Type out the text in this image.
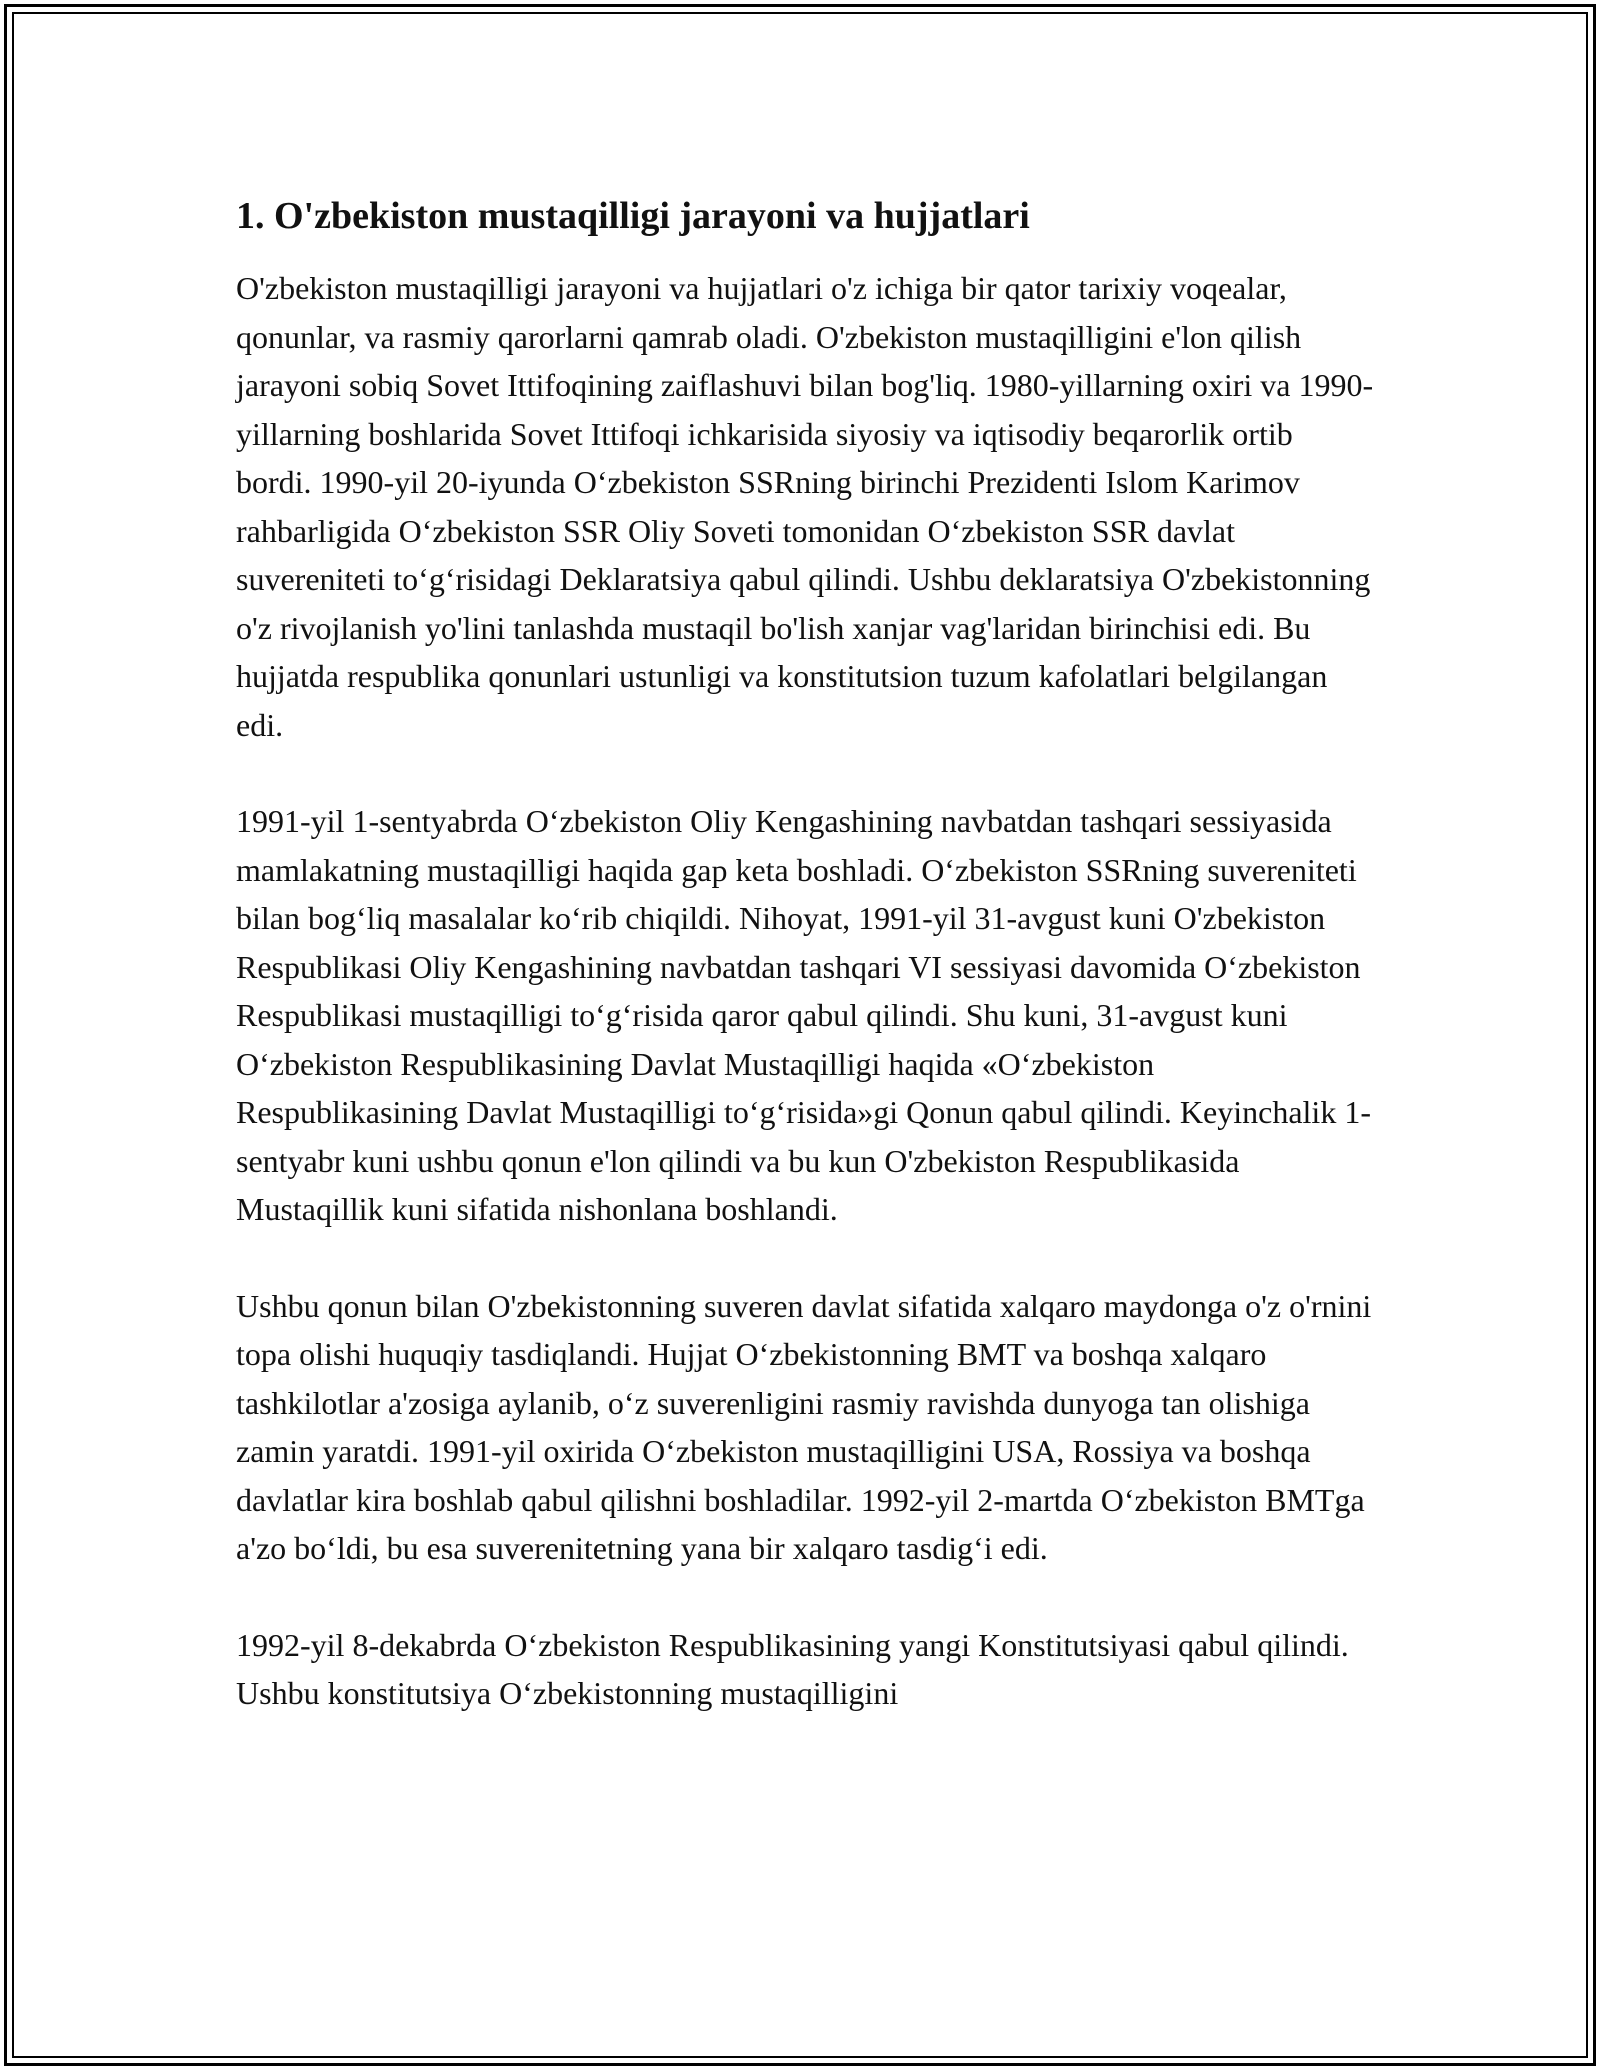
1. O'zbekiston mustaqilligi jarayoni va hujjatlari

O'zbekiston mustaqilligi jarayoni va hujjatlari o'z ichiga bir qator tarixiy voqealar, qonunlar, va rasmiy qarorlarni qamrab oladi. O'zbekiston mustaqilligini e'lon qilish jarayoni sobiq Sovet Ittifoqining zaiflashuvi bilan bog'liq. 1980-yillarning oxiri va 1990-yillarning boshlarida Sovet Ittifoqi ichkarisida siyosiy va iqtisodiy beqarorlik ortib bordi. 1990-yil 20-iyunda O‘zbekiston SSRning birinchi Prezidenti Islom Karimov rahbarligida O‘zbekiston SSR Oliy Soveti tomonidan O‘zbekiston SSR davlat suvereniteti to‘g‘risidagi Deklaratsiya qabul qilindi. Ushbu deklaratsiya O'zbekistonning o'z rivojlanish yo'lini tanlashda mustaqil bo'lish xanjar vag'laridan birinchisi edi. Bu hujjatda respublika qonunlari ustunligi va konstitutsion tuzum kafolatlari belgilangan edi.

1991-yil 1-sentyabrda O‘zbekiston Oliy Kengashining navbatdan tashqari sessiyasida mamlakatning mustaqilligi haqida gap keta boshladi. O‘zbekiston SSRning suvereniteti bilan bog‘liq masalalar ko‘rib chiqildi. Nihoyat, 1991-yil 31-avgust kuni O'zbekiston Respublikasi Oliy Kengashining navbatdan tashqari VI sessiyasi davomida O‘zbekiston Respublikasi mustaqilligi to‘g‘risida qaror qabul qilindi. Shu kuni, 31-avgust kuni O‘zbekiston Respublikasining Davlat Mustaqilligi haqida «O‘zbekiston Respublikasining Davlat Mustaqilligi to‘g‘risida»gi Qonun qabul qilindi. Keyinchalik 1-sentyabr kuni ushbu qonun e'lon qilindi va bu kun O'zbekiston Respublikasida Mustaqillik kuni sifatida nishonlana boshlandi.

Ushbu qonun bilan O'zbekistonning suveren davlat sifatida xalqaro maydonga o'z o'rnini topa olishi huquqiy tasdiqlandi. Hujjat O‘zbekistonning BMT va boshqa xalqaro tashkilotlar a'zosiga aylanib, o‘z suverenligini rasmiy ravishda dunyoga tan olishiga zamin yaratdi. 1991-yil oxirida O‘zbekiston mustaqilligini USA, Rossiya va boshqa davlatlar kira boshlab qabul qilishni boshladilar. 1992-yil 2-martda O‘zbekiston BMTga a'zo bo‘ldi, bu esa suverenitetning yana bir xalqaro tasdig‘i edi.

1992-yil 8-dekabrda O‘zbekiston Respublikasining yangi Konstitutsiyasi qabul qilindi. Ushbu konstitutsiya O‘zbekistonning mustaqilligini
